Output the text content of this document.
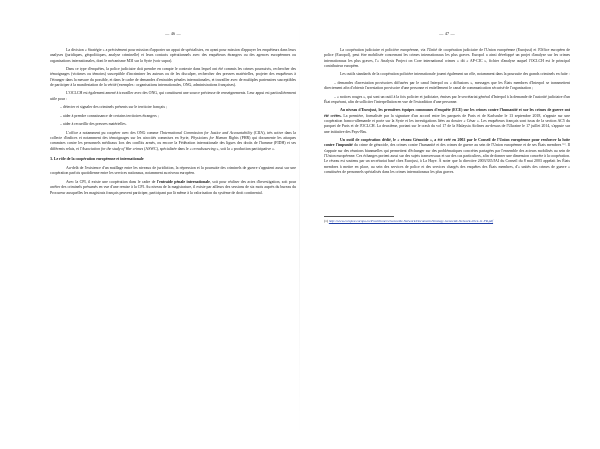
— 46 —

La division « Stratégie » a précisément pour mission d'apporter un appui de spécialistes, en ayant pour mission d'appuyer les enquêteurs dans leurs analyses (juridiques, géopolitiques, analyse criminelle) et leurs contacts opérationnels avec des enquêteurs étrangers ou des agences européennes ou organisations internationales, dont le mécanisme M3I sur la Syrie (voir supra).

Dans ce type d'enquêtes, la police judiciaire doit prendre en compte le contexte dans lequel ont été commis les crimes poursuivis, rechercher des témoignages (victimes ou témoins) susceptible d'incriminer les auteurs ou de les disculper, rechercher des preuves matérielles, projeter des enquêteurs à l'étranger dans la mesure du possible, et dans le cadre de demandes d'entraides pénales internationales, et travailler avec de multiples partenaires susceptibles de participer à la manifestation de la vérité (exemples : organisations internationales, ONG, administrations françaises).

L'OCLCH est également amené à travailler avec des ONG, qui constituent une source précieuse de renseignements. Leur appui est particulièrement utile pour :

– détecter et signaler des criminels présents sur le territoire français ;
– aider à prendre connaissance de certains territoires étrangers ;
– aider à recueillir des preuves matérielles.

L'office a notamment pu coopérer avec des ONG comme l'International Commission for Justice and Accountability (CIJA), très active dans la collecte d'indices et notamment des témoignages sur les atrocités commises en Syrie, Physicians for Human Rights (PHR) qui documente les attaques commises contre les personnels médicaux lors des conflits armés, ou encore la Fédération internationale des ligues des droits de l'homme (FIDH) et ses différents relais, et l'Association for the study of War crimes (ASWC), spécialisée dans le « crowdsourcing », soit la « production participative ».

3. Le rôle de la coopération européenne et internationale

Au-delà de l'existence d'un maillage entre les niveaux de juridiction, la répression et la poursuite des criminels de guerre s'appuient aussi sur une coopération parfois quotidienne entre les services nationaux, notamment au niveau européen.

Avec la CPI, il existe une coopération dans le cadre de l'entraide pénale internationale, soit pour réaliser des actes d'investigation, soit pour arrêter des criminels présumés en vue d'une remise à la CPI. Au niveau de la magistrature, il existe par ailleurs des sessions de six mois auprès du bureau du Procureur auxquelles les magistrats français peuvent participer, participant par là même à la valorisation du système de droit continental.

— 47 —

La coopération judiciaire et policière européenne, via l'Unité de coopération judiciaire de l'Union européenne (Eurojust) et l'Office européen de police (Europol), peut être mobilisée concernant les crimes internationaux les plus graves. Europol a ainsi développé un projet d'analyse sur les crimes internationaux les plus graves, l'« Analysis Project on Core international crimes » dit « AP-CIC », fichier d'analyse auquel l'OCLCH est le principal contributeur européen.

Les outils standards de la coopération policière internationale jouent également un rôle, notamment dans la poursuite des grands criminels en fuite :

– demandes d'arrestation provisoires diffusées par le canal Interpol ou « diffusions », messages que les États membres d'Interpol se transmettent directement afin d'obtenir l'arrestation provisoire d'une personne et entiellement le canal de communication sécurisé de l'organisation ;
– « notices rouges », qui sont un outil à la fois policier et judiciaire, émises par le secrétariat général d'Interpol à la demande de l'autorité judiciaire d'un État requérant, afin de solliciter l'interpellation en vue de l'extradition d'une personne.

Au niveau d'Eurojust, les premières équipes communes d'enquête (ECE) sur les crimes contre l'humanité et sur les crimes de guerre ont été créées. La première, formalisée par la signature d'un accord entre les parquets de Paris et de Karlsruhe le 13 septembre 2018, n'appuie sur une coopération franco-allemande et porte sur la Syrie et les investigations liées au dossier « César ». Les enquêteurs français sont issus de la section AC5 du parquet de Paris et de l'OCLCH. La deuxième, portant sur le crash du vol 17 de la Malaysia Airlines au-dessus de l'Ukraine le 17 juillet 2014, s'appuie sur une initiative des Pays-Bas.

Un outil de coopération dédié, le « réseau Génocide », a été créé en 2002 par le Conseil de l'Union européenne pour renforcer la lutte contre l'impunité du crime de génocide, des crimes contre l'humanité et des crimes de guerre au sein de l'Union européenne et de ses États membres ⁽¹⁾. Il s'appuie sur des réunions biannuelles qui permettent d'échanger sur des problématiques concrètes partagées par l'ensemble des acteurs mobilisés au sein de l'Union européenne. Ces échanges portent aussi sur des sujets transversaux et sur des cas particuliers, afin de donner une dimension concrète à la coopération. Le réseau est soutenu par un secrétariat basé chez Eurojust, à La Haye. À noter que la directive 2003/335/JAI du Conseil du 8 mai 2003 appelait les États membres à mettre en place, au sein des services de police et des services chargés des enquêtes des États membres, d'« unités des crimes de guerre » constituées de personnels spécialisés dans les crimes internationaux les plus graves.

(1) http://www.eurojust.europa.eu/Practitioners/Genocide-Network/Documents/Strategy-Genocide-Network-2014-11-FR.pdf
